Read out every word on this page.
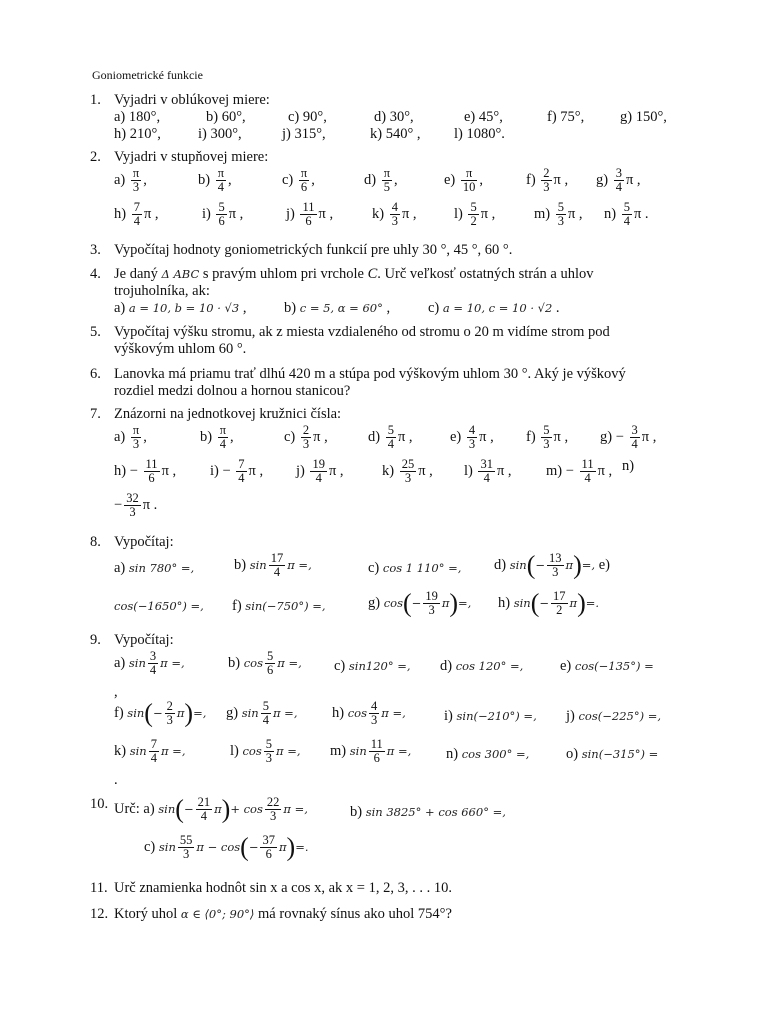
Goniometrické funkcie
1. Vyjadri v oblúkovej miere:
a) 180°,	b) 60°,	c) 90°,	d) 30°,	e) 45°,	f) 75°, g) 150°,
h) 210°,	i) 300°,	j) 315°,	k) 540° , l) 1080°.
2. Vyjadri v stupňovej miere:
$a) \frac{\pi}{3}$ ,	$b) \frac{\pi}{4}$ ,	$c) \frac{\pi}{6}$ ,	$d) \frac{\pi}{5}$ ,	$e) \frac{\pi}{10}$ ,	$f) \frac{2}{3}$ π , $g) \frac{3}{4}$ π ,
$h) \frac{7}{4}$ π ,	$i) \frac{5}{6}$ π ,	$j) \frac{11}{6}$ π ,	$k) \frac{4}{3}$ π ,	$l) \frac{5}{2}$ π ,	$m) \frac{5}{3}$ π , $n) \frac{5}{4}$ π .
3. Vypočítaj hodnoty goniometrických funkcií pre uhly 30 °, 45 °, 60 °.
4. Je daný Δ ABC s pravým uhlom pri vrchole C. Urč veľkosť ostatných strán a uhlov
trojuholníka, ak:
a) a = 10, b = 10 · √3 ,	b) c = 5, α = 60° ,	c) a = 10, c = 10 · √2 .
5. Vypočítaj výšku stromu, ak z miesta vzdialeného od stromu o 20 m vidíme strom pod
výškovým uhlom 60 °.
6. Lanovka má priamu trať dlhú 420 m a stúpa pod výškovým uhlom 30 °. Aký je výškový
rozdiel medzi dolnou a hornou stanicou?
7. Znázorni na jednotkovej kružnici čísla:
$a) \frac{\pi}{3}$ ,	$b) \frac{\pi}{4}$ ,	$c) \frac{2}{3}$ π ,	$d) \frac{5}{4}$ π ,	$e) \frac{4}{3}$ π , $f) \frac{5}{3}$ π , $g) - \frac{3}{4}$ π ,
$h) - \frac{11}{6}$ π , $i) - \frac{7}{4}$ π , $j) \frac{19}{4}$ π ,	$k) \frac{25}{3}$ π , $l) \frac{31}{4}$ π , $m) - \frac{11}{4}$ π , n)
− $\frac{32}{3}$ π .
8. Vypočítaj:
a) sin 780° =,	b) $\sin \frac{17}{4}$ π =,	c) cos 1 110° =, d) $\sin(- \frac{13}{3} \pi)=$, e)
cos(−1650°) =, f) sin(−750°) =,	g) $\cos(- \frac{19}{3} \pi)=$, h) $\sin(- \frac{17}{2} \pi)=$.
9. Vypočítaj:
a) $\sin \frac{3}{4}$ π =,	b) $\cos \frac{5}{6}$ π =, c) sin120° =, d) cos 120° =,	e) cos(−135°) =
,
f) $\sin(- \frac{2}{3} \pi)=$, g) $\sin \frac{5}{4}$ π =, h) $\cos \frac{4}{3}$ π =,	i) sin(−210°) =, j) cos(−225°) =,
k) $\sin \frac{7}{4}$ π =,	l) $\cos \frac{5}{3}$ π =, m) $\sin \frac{11}{6}$ π =, n) cos 300° =,	o) sin(−315°) =
.
10. Urč: a) $\sin(- \frac{21}{4} \pi)+ \cos \frac{22}{3}$ π =,	b) sin 3825° + cos 660° =,
c) $\sin \frac{55}{3}$ $\pi - \cos(- \frac{37}{6} \pi)=$.
11. Urč znamienka hodnôt sin x a cos x, ak x = 1, 2, 3, . . . 10.
12. Ktorý uhol α ∈ ⟨0°; 90°⟩ má rovnaký sínus ako uhol 754°?
